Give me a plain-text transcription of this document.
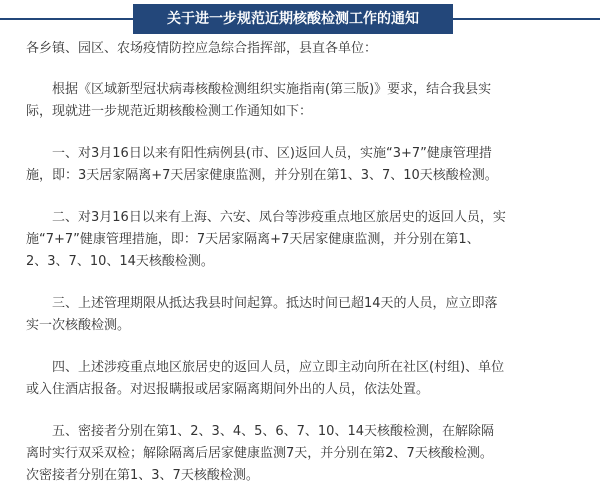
关于进一步规范近期核酸检测工作的通知

各乡镇、园区、农场疫情防控应急综合指挥部，县直各单位：

根据《区域新型冠状病毒核酸检测组织实施指南(第三版)》要求，结合我县实

际，现就进一步规范近期核酸检测工作通知如下：

一、对3月16日以来有阳性病例县(市、区)返回人员，实施“3+7”健康管理措

施，即：3天居家隔离+7天居家健康监测，并分别在第1、3、7、10天核酸检测。

二、对3月16日以来有上海、六安、凤台等涉疫重点地区旅居史的返回人员，实

施“7+7”健康管理措施，即：7天居家隔离+7天居家健康监测，并分别在第1、

2、3、7、10、14天核酸检测。

三、上述管理期限从抵达我县时间起算。抵达时间已超14天的人员，应立即落

实一次核酸检测。

四、上述涉疫重点地区旅居史的返回人员，应立即主动向所在社区(村组)、单位

或入住酒店报备。对迟报瞒报或居家隔离期间外出的人员，依法处置。

五、密接者分别在第1、2、3、4、5、6、7、10、14天核酸检测，在解除隔

离时实行双采双检；解除隔离后居家健康监测7天，并分别在第2、7天核酸检测。

次密接者分别在第1、3、7天核酸检测。
